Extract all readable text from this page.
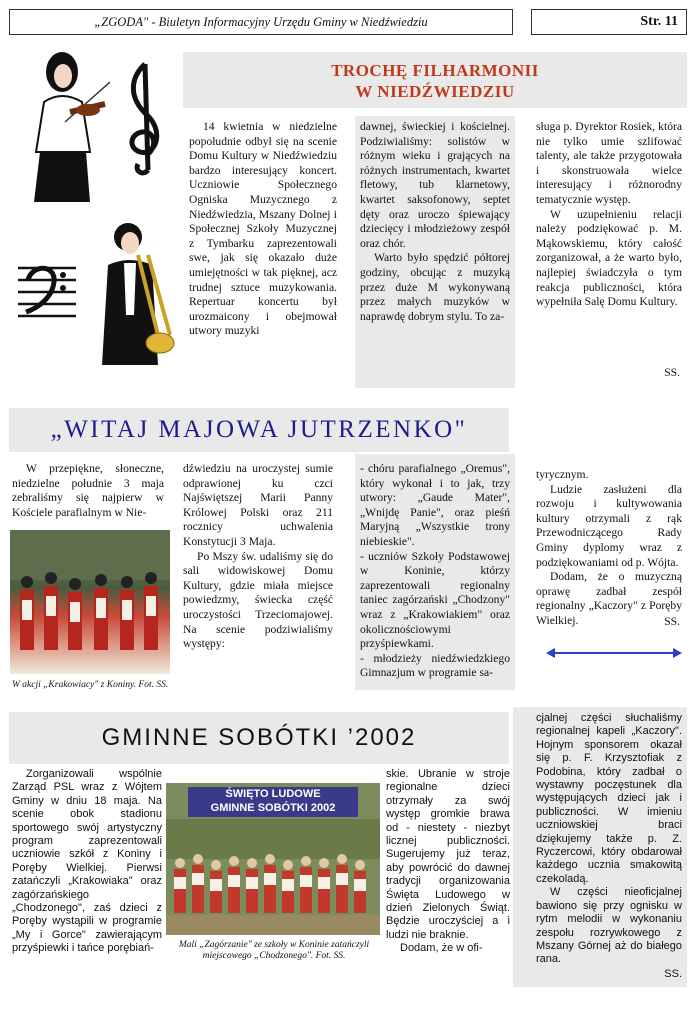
„ZGODA" - Biuletyn Informacyjny Urzędu Gminy w Niedźwiedziu	Str. 11
TROCHĘ FILHARMONII
W NIEDŹWIEDZIU

14 kwietnia w niedzielne popołudnie odbył się na scenie Domu Kultury w Niedźwiedziu bardzo interesujący koncert. Uczniowie Społecznego Ogniska Muzycznego z Niedźwiedzia, Mszany Dolnej i Społecznej Szkoły Muzycznej z Tymbarku zaprezentowali swe, jak się okazało duże umiejętności w tak pięknej, acz trudnej sztuce muzykowania. Repertuar koncertu był urozmaicony i obejmował utwory muzyki

dawnej, świeckiej i kościelnej. Podziwialiśmy: solistów w różnym wieku i grających na różnych instrumentach, kwartet fletowy, tub klarnetowy, kwartet saksofonowy, septet dęty oraz uroczo śpiewający dziecięcy i młodzieżowy zespół oraz chór.

Warto było spędzić półtorej godziny, obcując z muzyką przez duże M wykonywaną przez małych muzyków w naprawdę dobrym stylu. To za-

sługa p. Dyrektor Rosiek, która nie tylko umie szlifować talenty, ale także przygotowała i skonstruowała wielce interesujący i różnorodny tematycznie występ.

W uzupełnieniu relacji należy podziękować p. M. Mąkowskiemu, który całość zorganizował, a że warto było, najlepiej świadczyła o tym reakcja publiczności, która wypełniła Salę Domu Kultury.

SS.
„WITAJ MAJOWA JUTRZENKO"

W przepiękne, słoneczne, niedzielne południe 3 maja zebraliśmy się najpierw w Kościele parafialnym w Nie-

W akcji „Krakowiacy" z Koniny. Fot. SS.

dźwiedziu na uroczystej sumie odprawionej ku czci Najświętszej Marii Panny Królowej Polski oraz 211 rocznicy uchwalenia Konstytucji 3 Maja.

Po Mszy św. udaliśmy się do sali widowiskowej Domu Kultury, gdzie miała miejsce powiedzmy, świecka część uroczystości Trzeciomajowej. Na scenie podziwialiśmy występy:

- chóru parafialnego „Oremus", który wykonał i to jak, trzy utwory: „Gaude Mater", „Wnijdę Panie", oraz pieśń Maryjną „Wszystkie trony niebieskie".

- uczniów Szkoły Podstawowej w Koninie, którzy zaprezentowali regionalny taniec zagórzański „Chodzony" wraz z „Krakowiakiem" oraz okolicznościowymi przyśpiewkami.

- młodzieży niedźwiedzkiego Gimnazjum w programie sa-

tyrycznym.

Ludzie zasłużeni dla rozwoju i kultywowania kultury otrzymali z rąk Przewodniczącego Rady Gminy dyplomy wraz z podziękowaniami od p. Wójta.

Dodam, że o muzyczną oprawę zadbał zespół regionalny „Kaczory" z Poręby Wielkiej.	SS.
GMINNE SOBÓTKI ’2002

Zorganizowali wspólnie Zarząd PSL wraz z Wójtem Gminy w dniu 18 maja. Na scenie obok stadionu sportowego swój artystyczny program zaprezentowali uczniowie szkół z Koniny i Poręby Wielkiej. Pierwsi zatańczyli „Krakowiaka" oraz zagórzańskiego „Chodzonego", zaś dzieci z Poręby wystąpili w programie „My i Gorce" zawierającym przyśpiewki i tańce porębiań-

ŚWIĘTO LUDOWE
GMINNE SOBÓTKI 2002
Mali „Zagórzanie" ze szkoły w Koninie zatańczyli miejscowego „Chodzonego". Fot. SS.

skie. Ubranie w stroje regionalne dzieci otrzymały za swój występ gromkie brawa od - niestety - niezbyt licznej publiczności. Sugerujemy już teraz, aby powrócić do dawnej tradycji organizowania Święta Ludowego w dzień Zielonych Świąt. Będzie uroczyściej a i ludzi nie braknie.

Dodam, że w ofi-

cjalnej części słuchaliśmy regionalnej kapeli „Kaczory". Hojnym sponsorem okazał się p. F. Krzysztofiak z Podobina, który zadbał o wystawny poczęstunek dla występujących dzieci jak i publiczności. W imieniu uczniowskiej braci dziękujemy także p. Z. Ryczercowi, który obdarował każdego ucznia smakowitą czekoladą.

W części nieoficjalnej bawiono się przy ognisku w rytm melodii w wykonaniu zespołu rozrywkowego z Mszany Górnej aż do białego rana.

SS.
